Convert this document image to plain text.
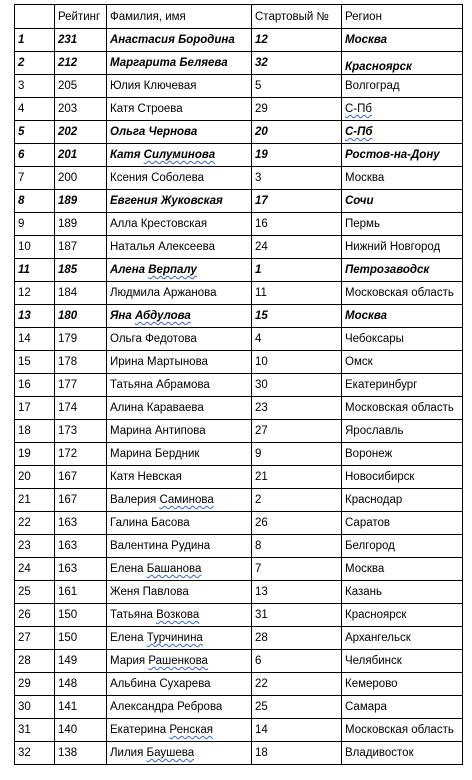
	Рейтинг	Фамилия, имя	Стартовый №	Регион
1	231	Анастасия Бородина	12	Москва
2	212	Маргарита Беляева	32	Красноярск
3	205	Юлия Ключевая	5	Волгоград
4	203	Катя Строева	29	С-Пб
5	202	Ольга Чернова	20	С-Пб
6	201	Катя Силуминова	19	Ростов-на-Дону
7	200	Ксения Соболева	3	Москва
8	189	Евгения Жуковская	17	Сочи
9	189	Алла Крестовская	16	Пермь
10	187	Наталья Алексеева	24	Нижний Новгород
11	185	Алена Верпалу	1	Петрозаводск
12	184	Людмила Аржанова	11	Московская область
13	180	Яна Абдулова	15	Москва
14	179	Ольга Федотова	4	Чебоксары
15	178	Ирина Мартынова	10	Омск
16	177	Татьяна Абрамова	30	Екатеринбург
17	174	Алина Караваева	23	Московская область
18	173	Марина Антипова	27	Ярославль
19	172	Марина Бердник	9	Воронеж
20	167	Катя Невская	21	Новосибирск
21	167	Валерия Саминова	2	Краснодар
22	163	Галина Басова	26	Саратов
23	163	Валентина Рудина	8	Белгород
24	163	Елена Башанова	7	Москва
25	161	Женя Павлова	13	Казань
26	150	Татьяна Возкова	31	Красноярск
27	150	Елена Турчинина	28	Архангельск
28	149	Мария Рашенкова	6	Челябинск
29	148	Альбина Сухарева	22	Кемерово
30	141	Александра Реброва	25	Самара
31	140	Екатерина Ренская	14	Московская область
32	138	Лилия Баушева	18	Владивосток
